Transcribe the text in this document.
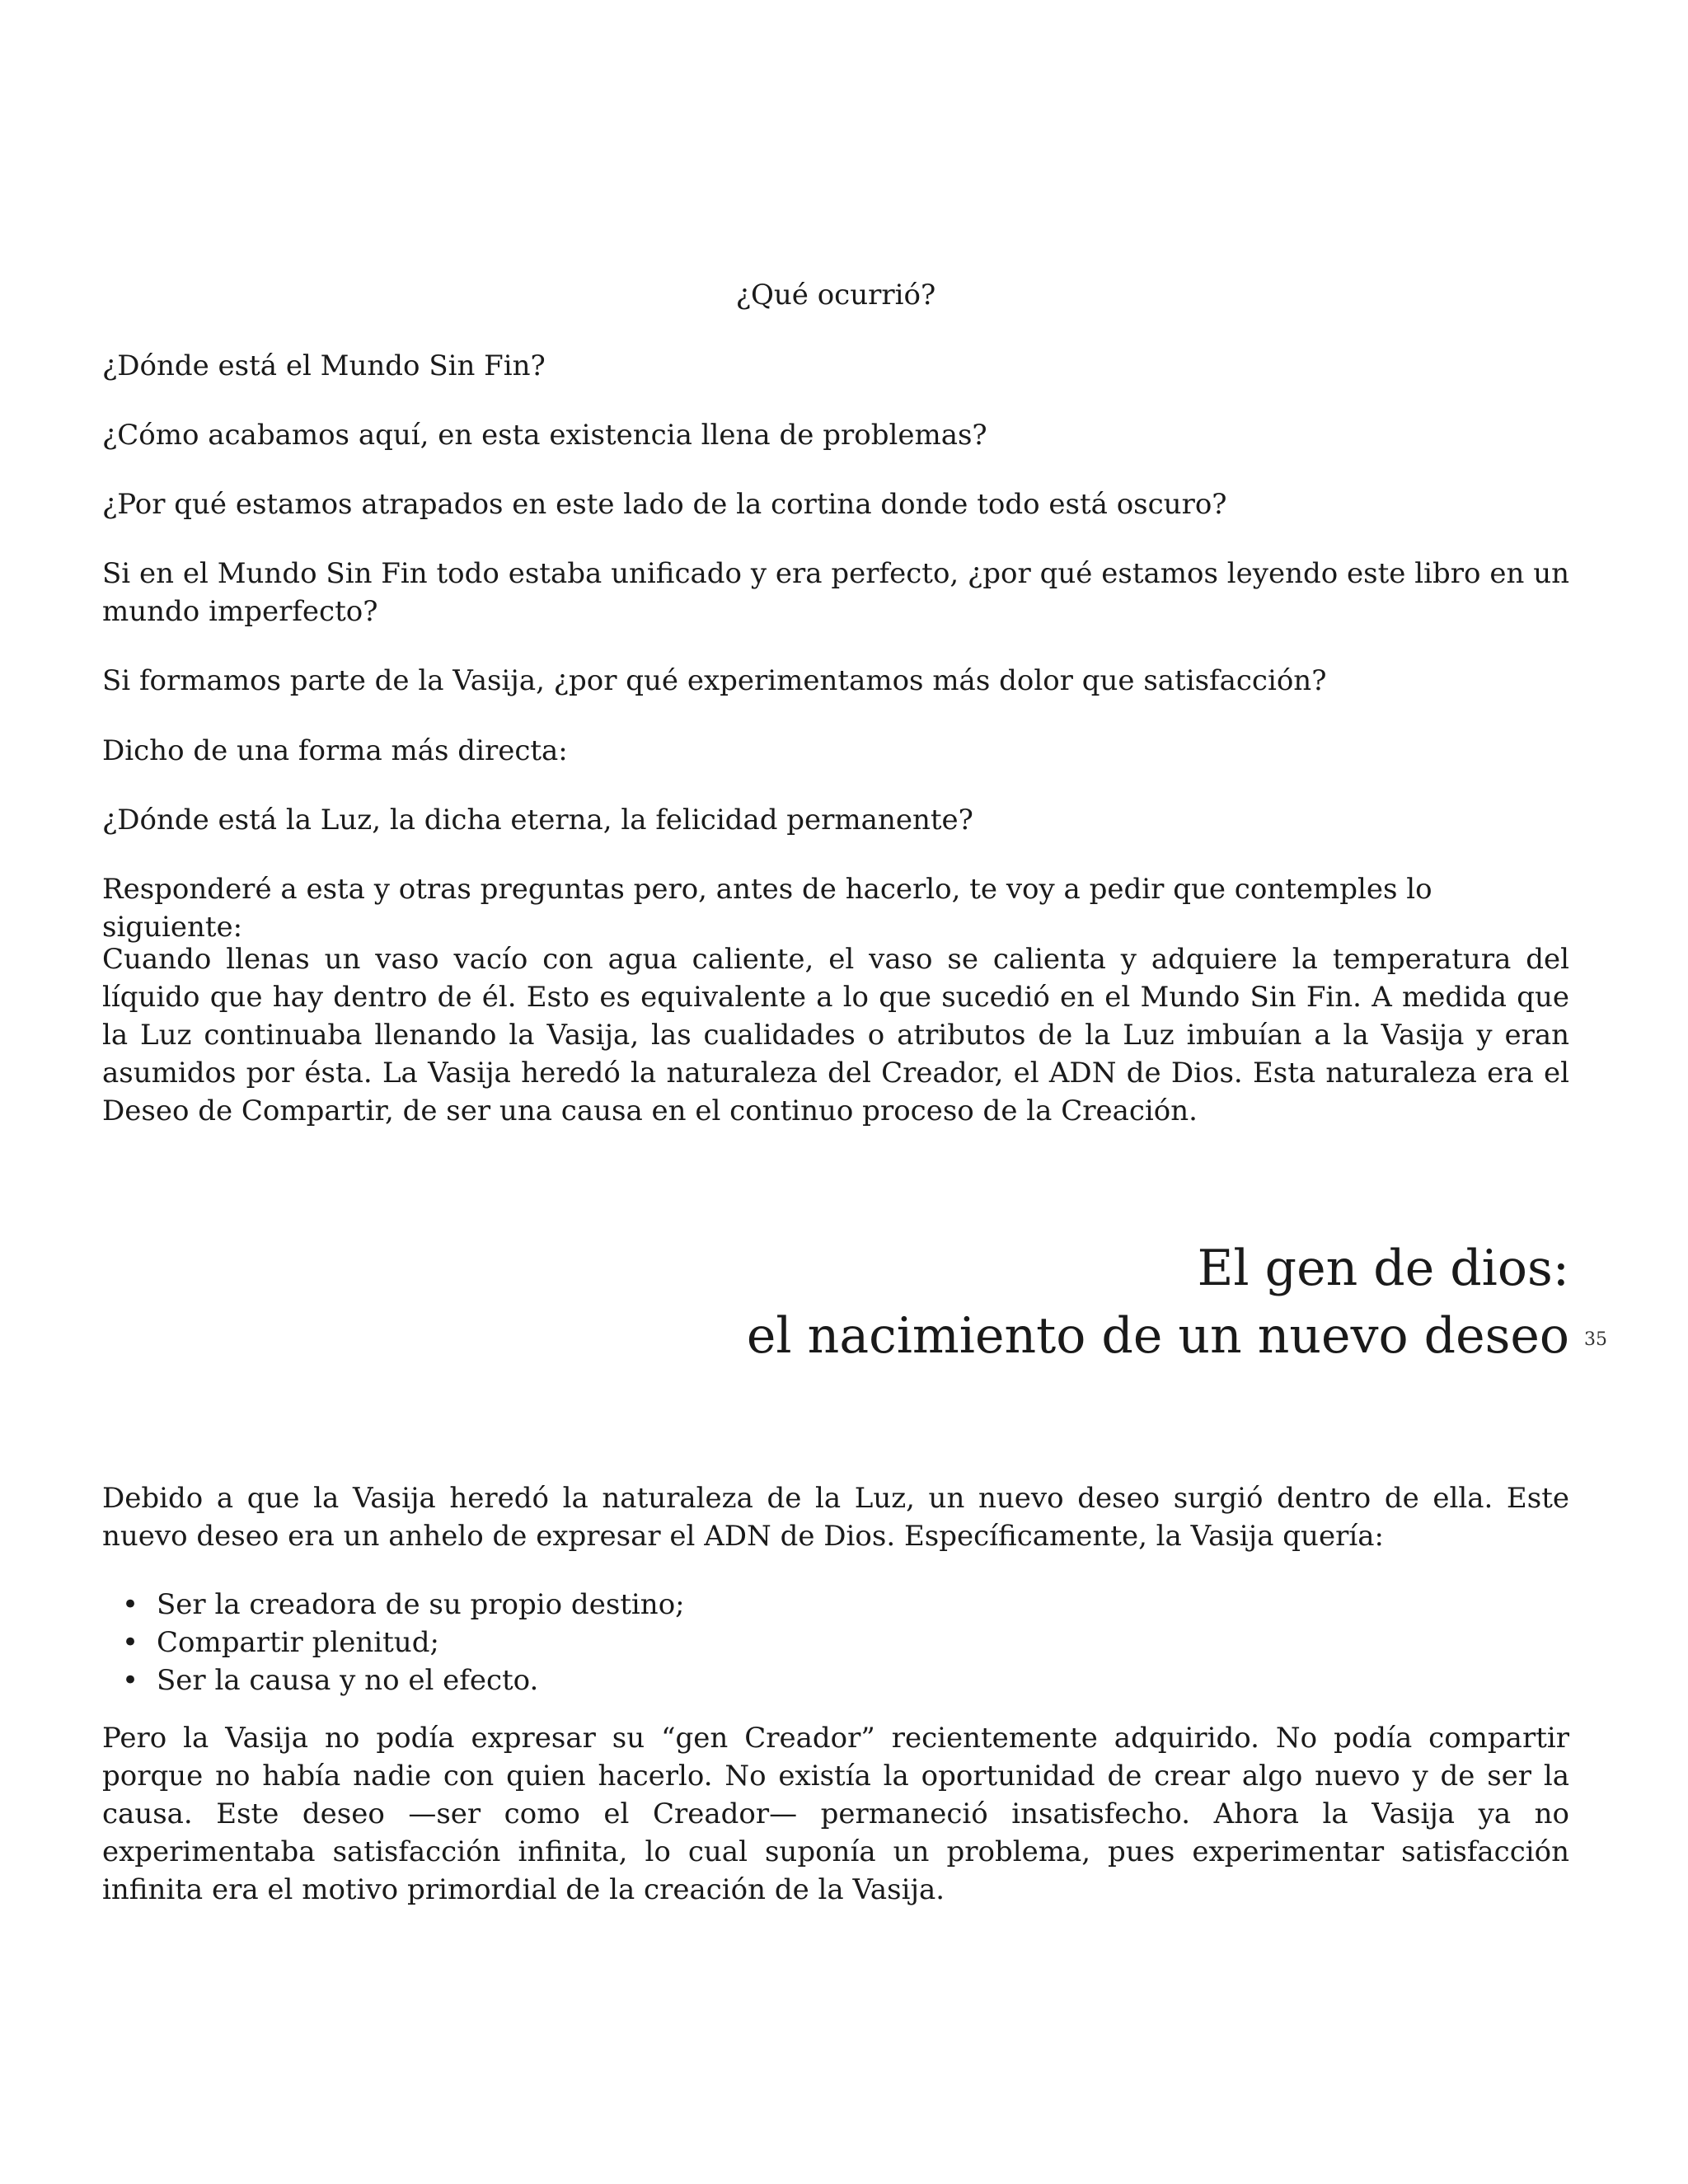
¿Qué ocurrió?

¿Dónde está el Mundo Sin Fin?

¿Cómo acabamos aquí, en esta existencia llena de problemas?

¿Por qué estamos atrapados en este lado de la cortina donde todo está oscuro?

Si en el Mundo Sin Fin todo estaba unificado y era perfecto, ¿por qué estamos leyendo este libro en un mundo imperfecto?

Si formamos parte de la Vasija, ¿por qué experimentamos más dolor que satisfacción?

Dicho de una forma más directa:

¿Dónde está la Luz, la dicha eterna, la felicidad permanente?

Responderé a esta y otras preguntas pero, antes de hacerlo, te voy a pedir que contemples lo siguiente:

Cuando llenas un vaso vacío con agua caliente, el vaso se calienta y adquiere la temperatura del líquido que hay dentro de él. Esto es equivalente a lo que sucedió en el Mundo Sin Fin. A medida que la Luz continuaba llenando la Vasija, las cualidades o atributos de la Luz imbuían a la Vasija y eran asumidos por ésta. La Vasija heredó la naturaleza del Creador, el ADN de Dios. Esta naturaleza era el Deseo de Compartir, de ser una causa en el continuo proceso de la Creación.

El gen de dios:
el nacimiento de un nuevo deseo

Debido a que la Vasija heredó la naturaleza de la Luz, un nuevo deseo surgió dentro de ella. Este nuevo deseo era un anhelo de expresar el ADN de Dios. Específicamente, la Vasija quería:

• Ser la creadora de su propio destino;
• Compartir plenitud;
• Ser la causa y no el efecto.

Pero la Vasija no podía expresar su “gen Creador” recientemente adquirido. No podía compartir porque no había nadie con quien hacerlo. No existía la oportunidad de crear algo nuevo y de ser la causa. Este deseo —ser como el Creador— permaneció insatisfecho. Ahora la Vasija ya no experimentaba satisfacción infinita, lo cual suponía un problema, pues experimentar satisfacción infinita era el motivo primordial de la creación de la Vasija.

35
